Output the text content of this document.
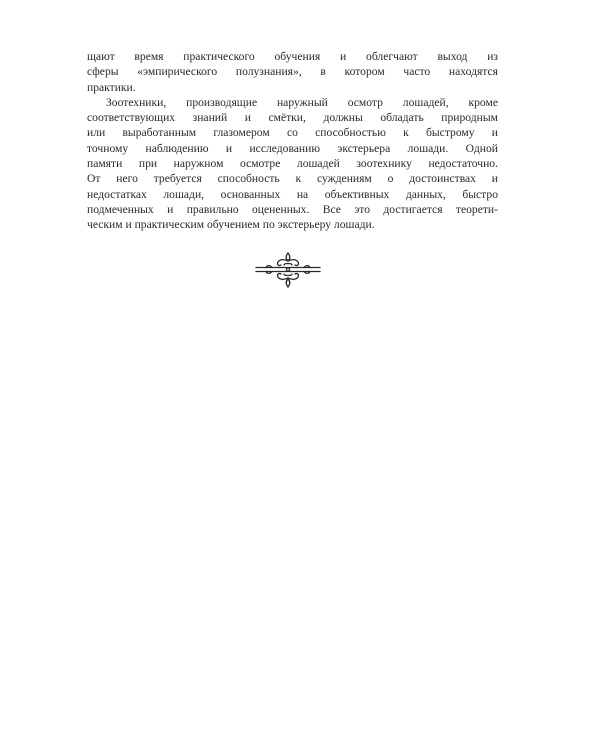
щают время практического обучения и облегчают выход из
сферы «эмпирического полузнания», в котором часто находятся
практики.
Зоотехники, производящие наружный осмотр лошадей, кроме
соответствующих знаний и смётки, должны обладать природным
или выработанным глазомером со способностью к быстрому и
точному наблюдению и исследованию экстерьера лошади. Одной
памяти при наружном осмотре лошадей зоотехнику недостаточно.
От него требуется способность к суждениям о достоинствах и
недостатках лошади, основанных на объективных данных, быстро
подмеченных и правильно оцененных. Все это достигается теорети-
ческим и практическим обучением по экстерьеру лошади.
